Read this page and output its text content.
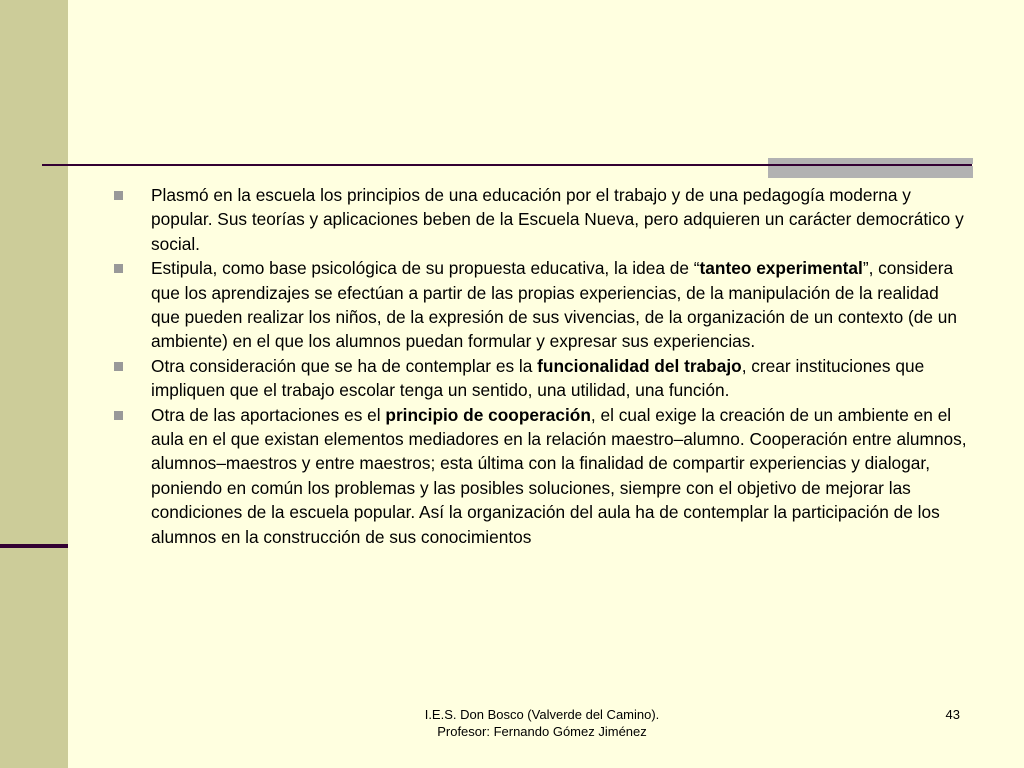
Plasmó en la escuela los principios de una educación por el trabajo y de una pedagogía moderna y popular. Sus teorías y aplicaciones beben de la Escuela Nueva, pero adquieren un carácter democrático y social.
Estipula, como base psicológica de su propuesta educativa, la idea de “tanteo experimental”, considera que los aprendizajes se efectúan a partir de las propias experiencias, de la manipulación de la realidad que pueden realizar los niños, de la expresión de sus vivencias, de la organización de un contexto (de un ambiente) en el que los alumnos puedan formular y expresar sus experiencias.
Otra consideración que se ha de contemplar es la funcionalidad del trabajo, crear instituciones que impliquen que el trabajo escolar tenga un sentido, una utilidad, una función.
Otra de las aportaciones es el principio de cooperación, el cual exige la creación de un ambiente en el aula en el que existan elementos mediadores en la relación maestro–alumno. Cooperación entre alumnos, alumnos–maestros y entre maestros; esta última con la finalidad de compartir experiencias y dialogar, poniendo en común los problemas y las posibles soluciones, siempre con el objetivo de mejorar las condiciones de la escuela popular. Así la organización del aula ha de contemplar la participación de los alumnos en la construcción de sus conocimientos
I.E.S. Don Bosco (Valverde del Camino).
Profesor: Fernando Gómez Jiménez
43
